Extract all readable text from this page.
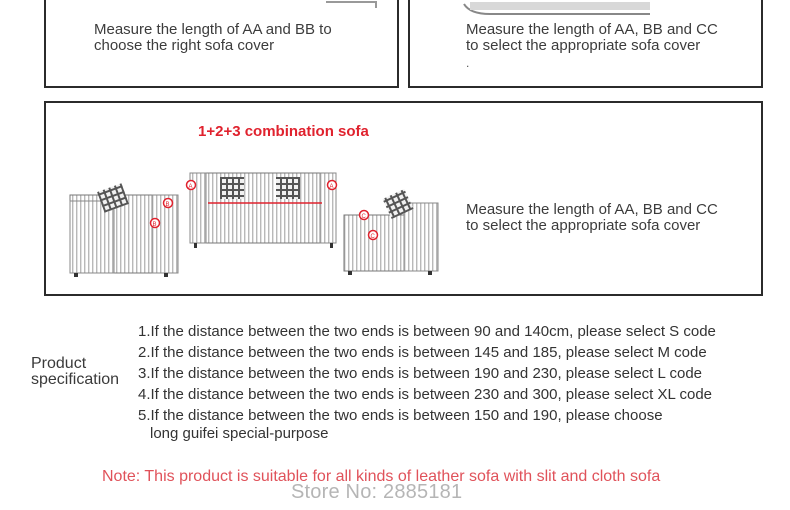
Measure the length of AA and BB to
choose the right sofa cover
Measure the length of AA, BB and CC
to select the appropriate sofa cover
.
1+2+3 combination sofa
A	A
B
B
C
C
Measure the length of AA, BB and CC
to select the appropriate sofa cover
Product
specification
1.If the distance between the two ends is between 90 and 140cm, please select S code
2.If the distance between the two ends is between 145 and 185, please select M code
3.If the distance between the two ends is between 190 and 230, please select L code
4.If the distance between the two ends is between 230 and 300, please select XL code
5.If the distance between the two ends is between 150 and 190, please choose
long guifei special-purpose
Note: This product is suitable for all kinds of leather sofa with slit and cloth sofa
Store No: 2885181
